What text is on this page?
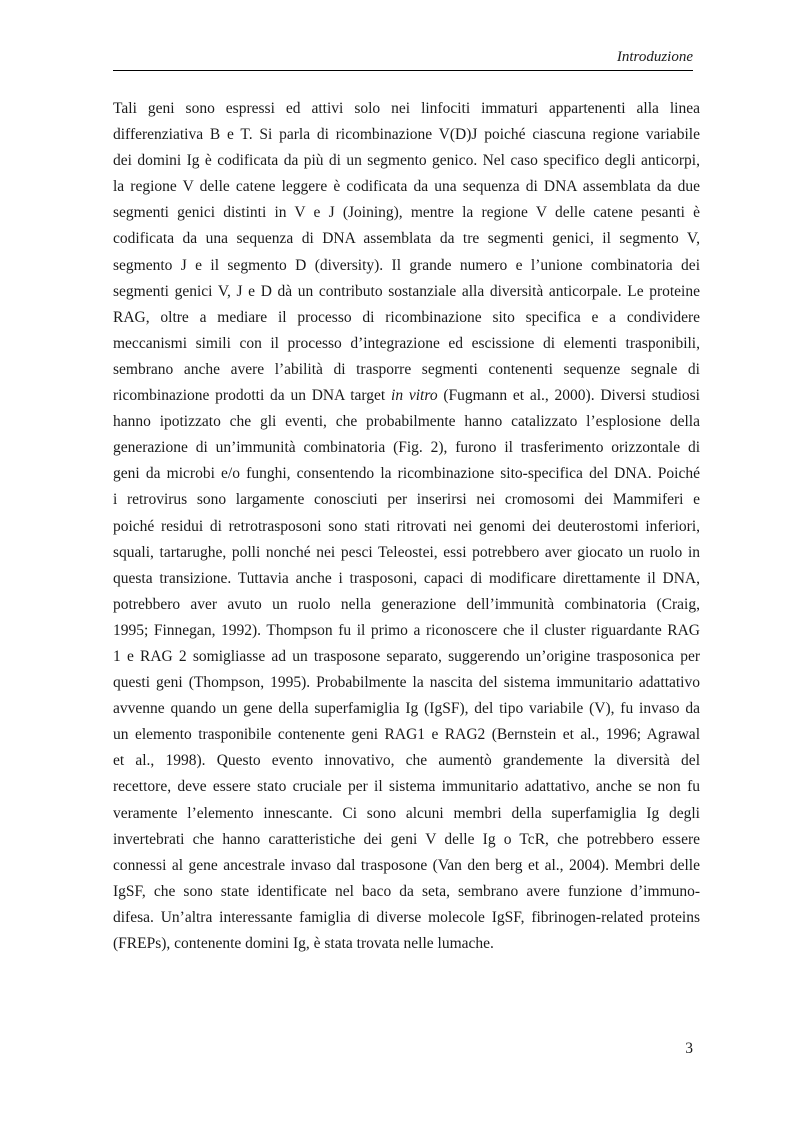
Introduzione
Tali geni sono espressi ed attivi solo nei linfociti immaturi appartenenti alla linea
differenziativa B e T. Si parla di ricombinazione V(D)J poiché ciascuna regione variabile
dei domini Ig è codificata da più di un segmento genico. Nel caso specifico degli anticorpi,
la regione V delle catene leggere è codificata da una sequenza di DNA assemblata da due
segmenti genici distinti in V e J (Joining), mentre la regione V delle catene pesanti è
codificata da una sequenza di DNA assemblata da tre segmenti genici, il segmento V,
segmento J e il segmento D (diversity). Il grande numero e l’unione combinatoria dei
segmenti genici V, J e D dà un contributo sostanziale alla diversità anticorpale. Le proteine
RAG, oltre a mediare il processo di ricombinazione sito specifica e a condividere
meccanismi simili con il processo d’integrazione ed escissione di elementi trasponibili,
sembrano anche avere l’abilità di trasporre segmenti contenenti sequenze segnale di
ricombinazione prodotti da un DNA target in vitro (Fugmann et al., 2000). Diversi studiosi
hanno ipotizzato che gli eventi, che probabilmente hanno catalizzato l’esplosione della
generazione di un’immunità combinatoria (Fig. 2), furono il trasferimento orizzontale di
geni da microbi e/o funghi, consentendo la ricombinazione sito-specifica del DNA. Poiché
i retrovirus sono largamente conosciuti per inserirsi nei cromosomi dei Mammiferi e
poiché residui di retrotrasposoni sono stati ritrovati nei genomi dei deuterostomi inferiori,
squali, tartarughe, polli nonché nei pesci Teleostei, essi potrebbero aver giocato un ruolo in
questa transizione. Tuttavia anche i trasposoni, capaci di modificare direttamente il DNA,
potrebbero aver avuto un ruolo nella generazione dell’immunità combinatoria (Craig,
1995; Finnegan, 1992). Thompson fu il primo a riconoscere che il cluster riguardante RAG
1 e RAG 2 somigliasse ad un trasposone separato, suggerendo un’origine trasposonica per
questi geni (Thompson, 1995). Probabilmente la nascita del sistema immunitario adattativo
avvenne quando un gene della superfamiglia Ig (IgSF), del tipo variabile (V), fu invaso da
un elemento trasponibile contenente geni RAG1 e RAG2 (Bernstein et al., 1996; Agrawal
et al., 1998). Questo evento innovativo, che aumentò grandemente la diversità del
recettore, deve essere stato cruciale per il sistema immunitario adattativo, anche se non fu
veramente l’elemento innescante. Ci sono alcuni membri della superfamiglia Ig degli
invertebrati che hanno caratteristiche dei geni V delle Ig o TcR, che potrebbero essere
connessi al gene ancestrale invaso dal trasposone (Van den berg et al., 2004). Membri delle
IgSF, che sono state identificate nel baco da seta, sembrano avere funzione d’immuno-
difesa. Un’altra interessante famiglia di diverse molecole IgSF, fibrinogen-related proteins
(FREPs), contenente domini Ig, è stata trovata nelle lumache.
3
